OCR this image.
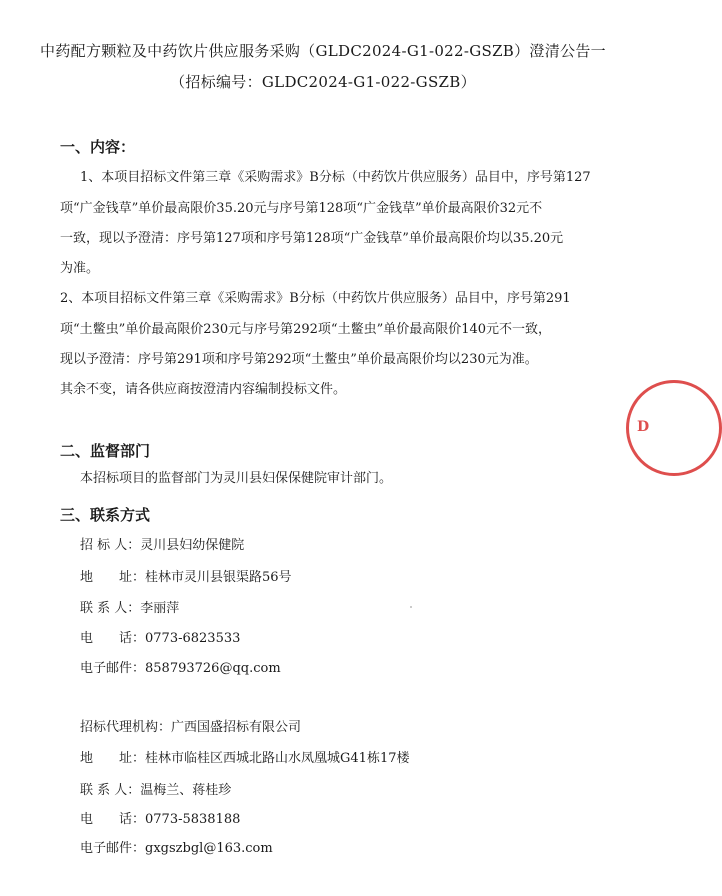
中药配方颗粒及中药饮片供应服务采购（GLDC2024-G1-022-GSZB）澄清公告一
（招标编号：GLDC2024-G1-022-GSZB）
一、内容：
1、本项目招标文件第三章《采购需求》B分标（中药饮片供应服务）品目中，序号第127
项“广金钱草”单价最高限价35.20元与序号第128项“广金钱草”单价最高限价32元不
一致，现以予澄清：序号第127项和序号第128项“广金钱草”单价最高限价均以35.20元
为准。
2、本项目招标文件第三章《采购需求》B分标（中药饮片供应服务）品目中，序号第291
项“土鳖虫”单价最高限价230元与序号第292项“土鳖虫”单价最高限价140元不一致，
现以予澄清：序号第291项和序号第292项“土鳖虫”单价最高限价均以230元为准。
其余不变，请各供应商按澄清内容编制投标文件。
D
二、监督部门
本招标项目的监督部门为灵川县妇保保健院审计部门。
三、联系方式
招 标 人：灵川县妇幼保健院
地　　址：桂林市灵川县银渠路56号
联 系 人：李丽萍
电　　话：0773-6823533
电子邮件：858793726@qq.com
招标代理机构：广西国盛招标有限公司
地　　址：桂林市临桂区西城北路山水凤凰城G41栋17楼
联 系 人：温梅兰、蒋桂珍
电　　话：0773-5838188
电子邮件：gxgszbgl@163.com
